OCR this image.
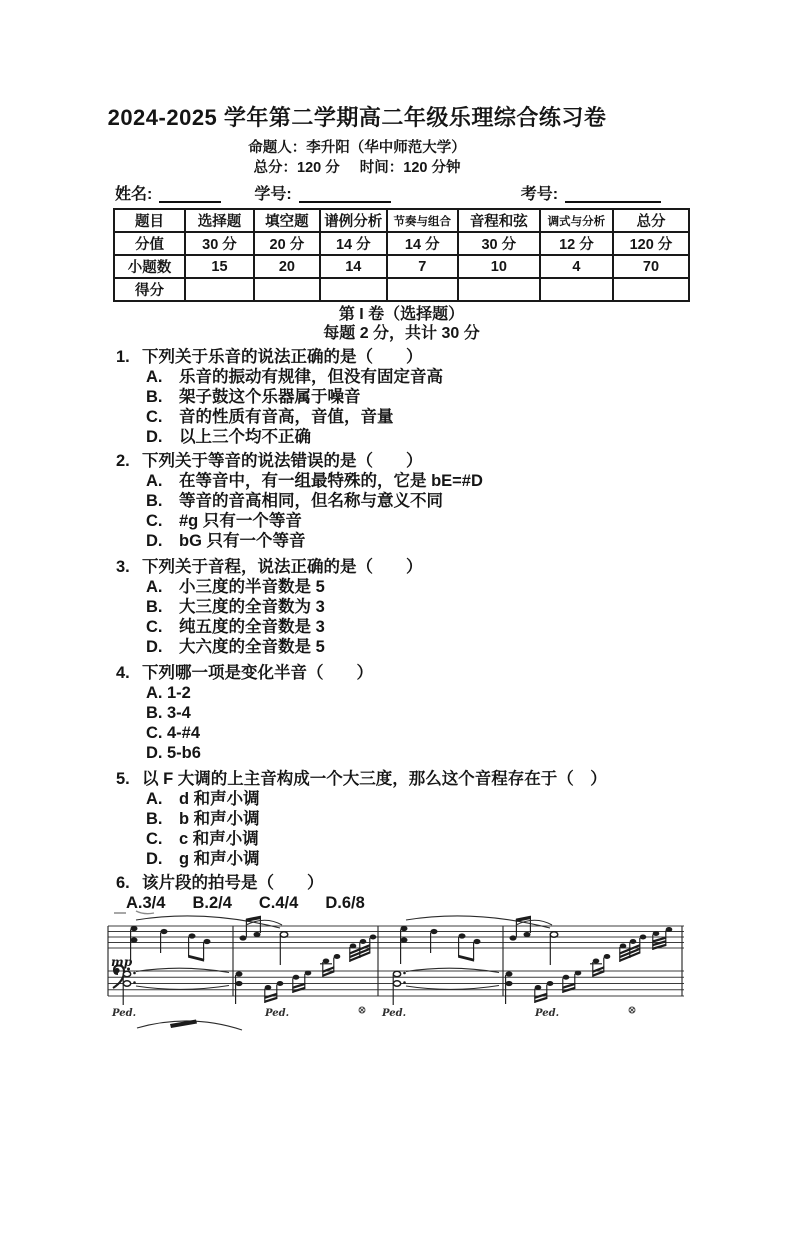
2024-2025 学年第二学期高二年级乐理综合练习卷
命题人：李升阳（华中师范大学）
总分：120 分 时间：120 分钟
姓名:	学号:	考号:
题目	选择题	填空题	谱例分析	节奏与组合	音程和弦	调式与分析	总分
分值	30 分	20 分	14 分	14 分	30 分	12 分	120 分
小题数	15	20	14	7	10	4	70
得分							
第 I 卷（选择题）
每题 2 分，共计 30 分
1. 下列关于乐音的说法正确的是（　　）
A.	乐音的振动有规律，但没有固定音高
B.	架子鼓这个乐器属于噪音
C.	音的性质有音高，音值，音量
D.	以上三个均不正确
2. 下列关于等音的说法错误的是（　　）
A.	在等音中，有一组最特殊的，它是 bE=#D
B.	等音的音高相同，但名称与意义不同
C.	#g 只有一个等音
D.	bG 只有一个等音
3. 下列关于音程，说法正确的是（　　）
A.	小三度的半音数是 5
B.	大三度的全音数为 3
C.	纯五度的全音数是 3
D.	大六度的全音数是 5
4. 下列哪一项是变化半音（　　）
A. 1-2
B. 3-4
C. 4-#4
D. 5-b6
5. 以 F 大调的上主音构成一个大三度，那么这个音程存在于（　）
A.	d 和声小调
B.	b 和声小调
C.	c 和声小调
D.	g 和声小调
6. 该片段的拍号是（　　）
A.3/4 B.2/4 C.4/4 D.6/8
mp
Ped.	Ped.
